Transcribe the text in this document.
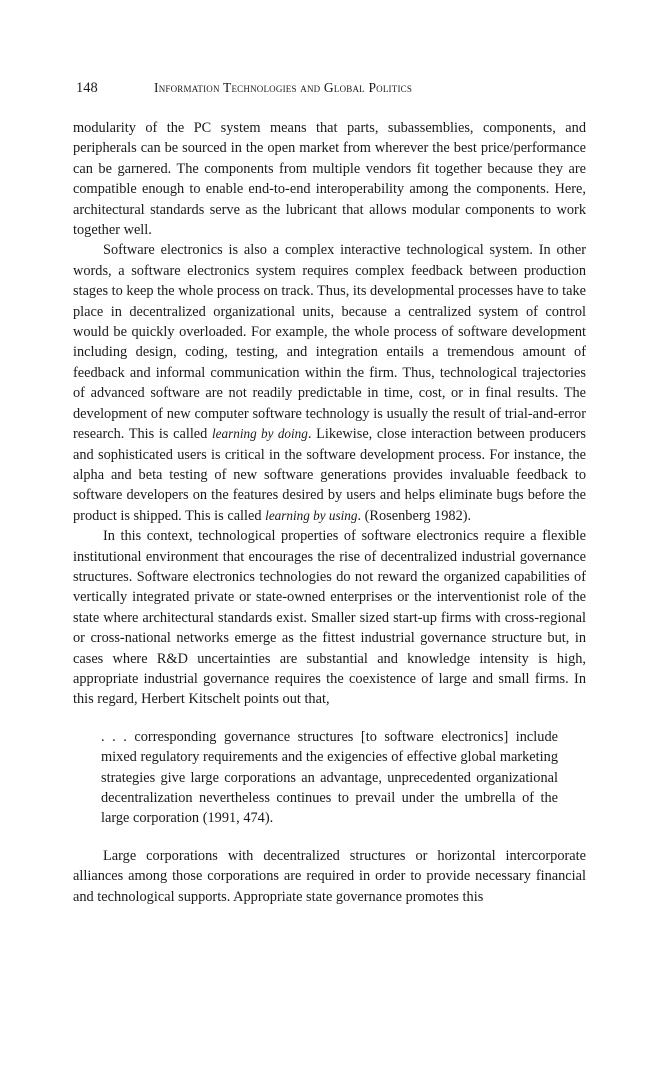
148	Information Technologies and Global Politics

modularity of the PC system means that parts, subassemblies, components, and peripherals can be sourced in the open market from wherever the best price/​performance can be garnered. The components from multiple vendors fit together because they are compatible enough to enable end-to-end interoperability among the components. Here, architectural standards serve as the lubricant that allows modular components to work together well.

Software electronics is also a complex interactive technological system. In other words, a software electronics system requires complex feedback between production stages to keep the whole process on track. Thus, its developmental processes have to take place in decentralized organizational units, because a centralized system of control would be quickly overloaded. For example, the whole process of software development including design, coding, testing, and integration entails a tremendous amount of feedback and informal communication within the firm. Thus, technological trajectories of advanced software are not readily predictable in time, cost, or in final results. The development of new computer software technology is usually the result of trial-and-error research. This is called learning by doing. Likewise, close interaction between producers and sophisticated users is critical in the software development process. For instance, the alpha and beta testing of new software generations provides invaluable feedback to software developers on the features desired by users and helps eliminate bugs before the product is shipped. This is called learning by using. (Rosenberg 1982).

In this context, technological properties of software electronics require a flexible institutional environment that encourages the rise of decentralized industrial governance structures. Software electronics technologies do not reward the organized capabilities of vertically integrated private or state-owned enterprises or the interventionist role of the state where architectural standards exist. Smaller sized start-up firms with cross-regional or cross-national networks emerge as the fittest industrial governance structure but, in cases where R&D uncertainties are substantial and knowledge intensity is high, appropriate industrial governance requires the coexistence of large and small firms. In this regard, Herbert Kitschelt points out that,

. . . corresponding governance structures [to software electronics] include mixed regulatory requirements and the exigencies of effective global marketing strategies give large corporations an advantage, unprecedented organizational decentralization nevertheless continues to prevail under the umbrella of the large corporation (1991, 474).

Large corporations with decentralized structures or horizontal intercorporate alliances among those corporations are required in order to provide necessary financial and technological supports. Appropriate state governance promotes this
